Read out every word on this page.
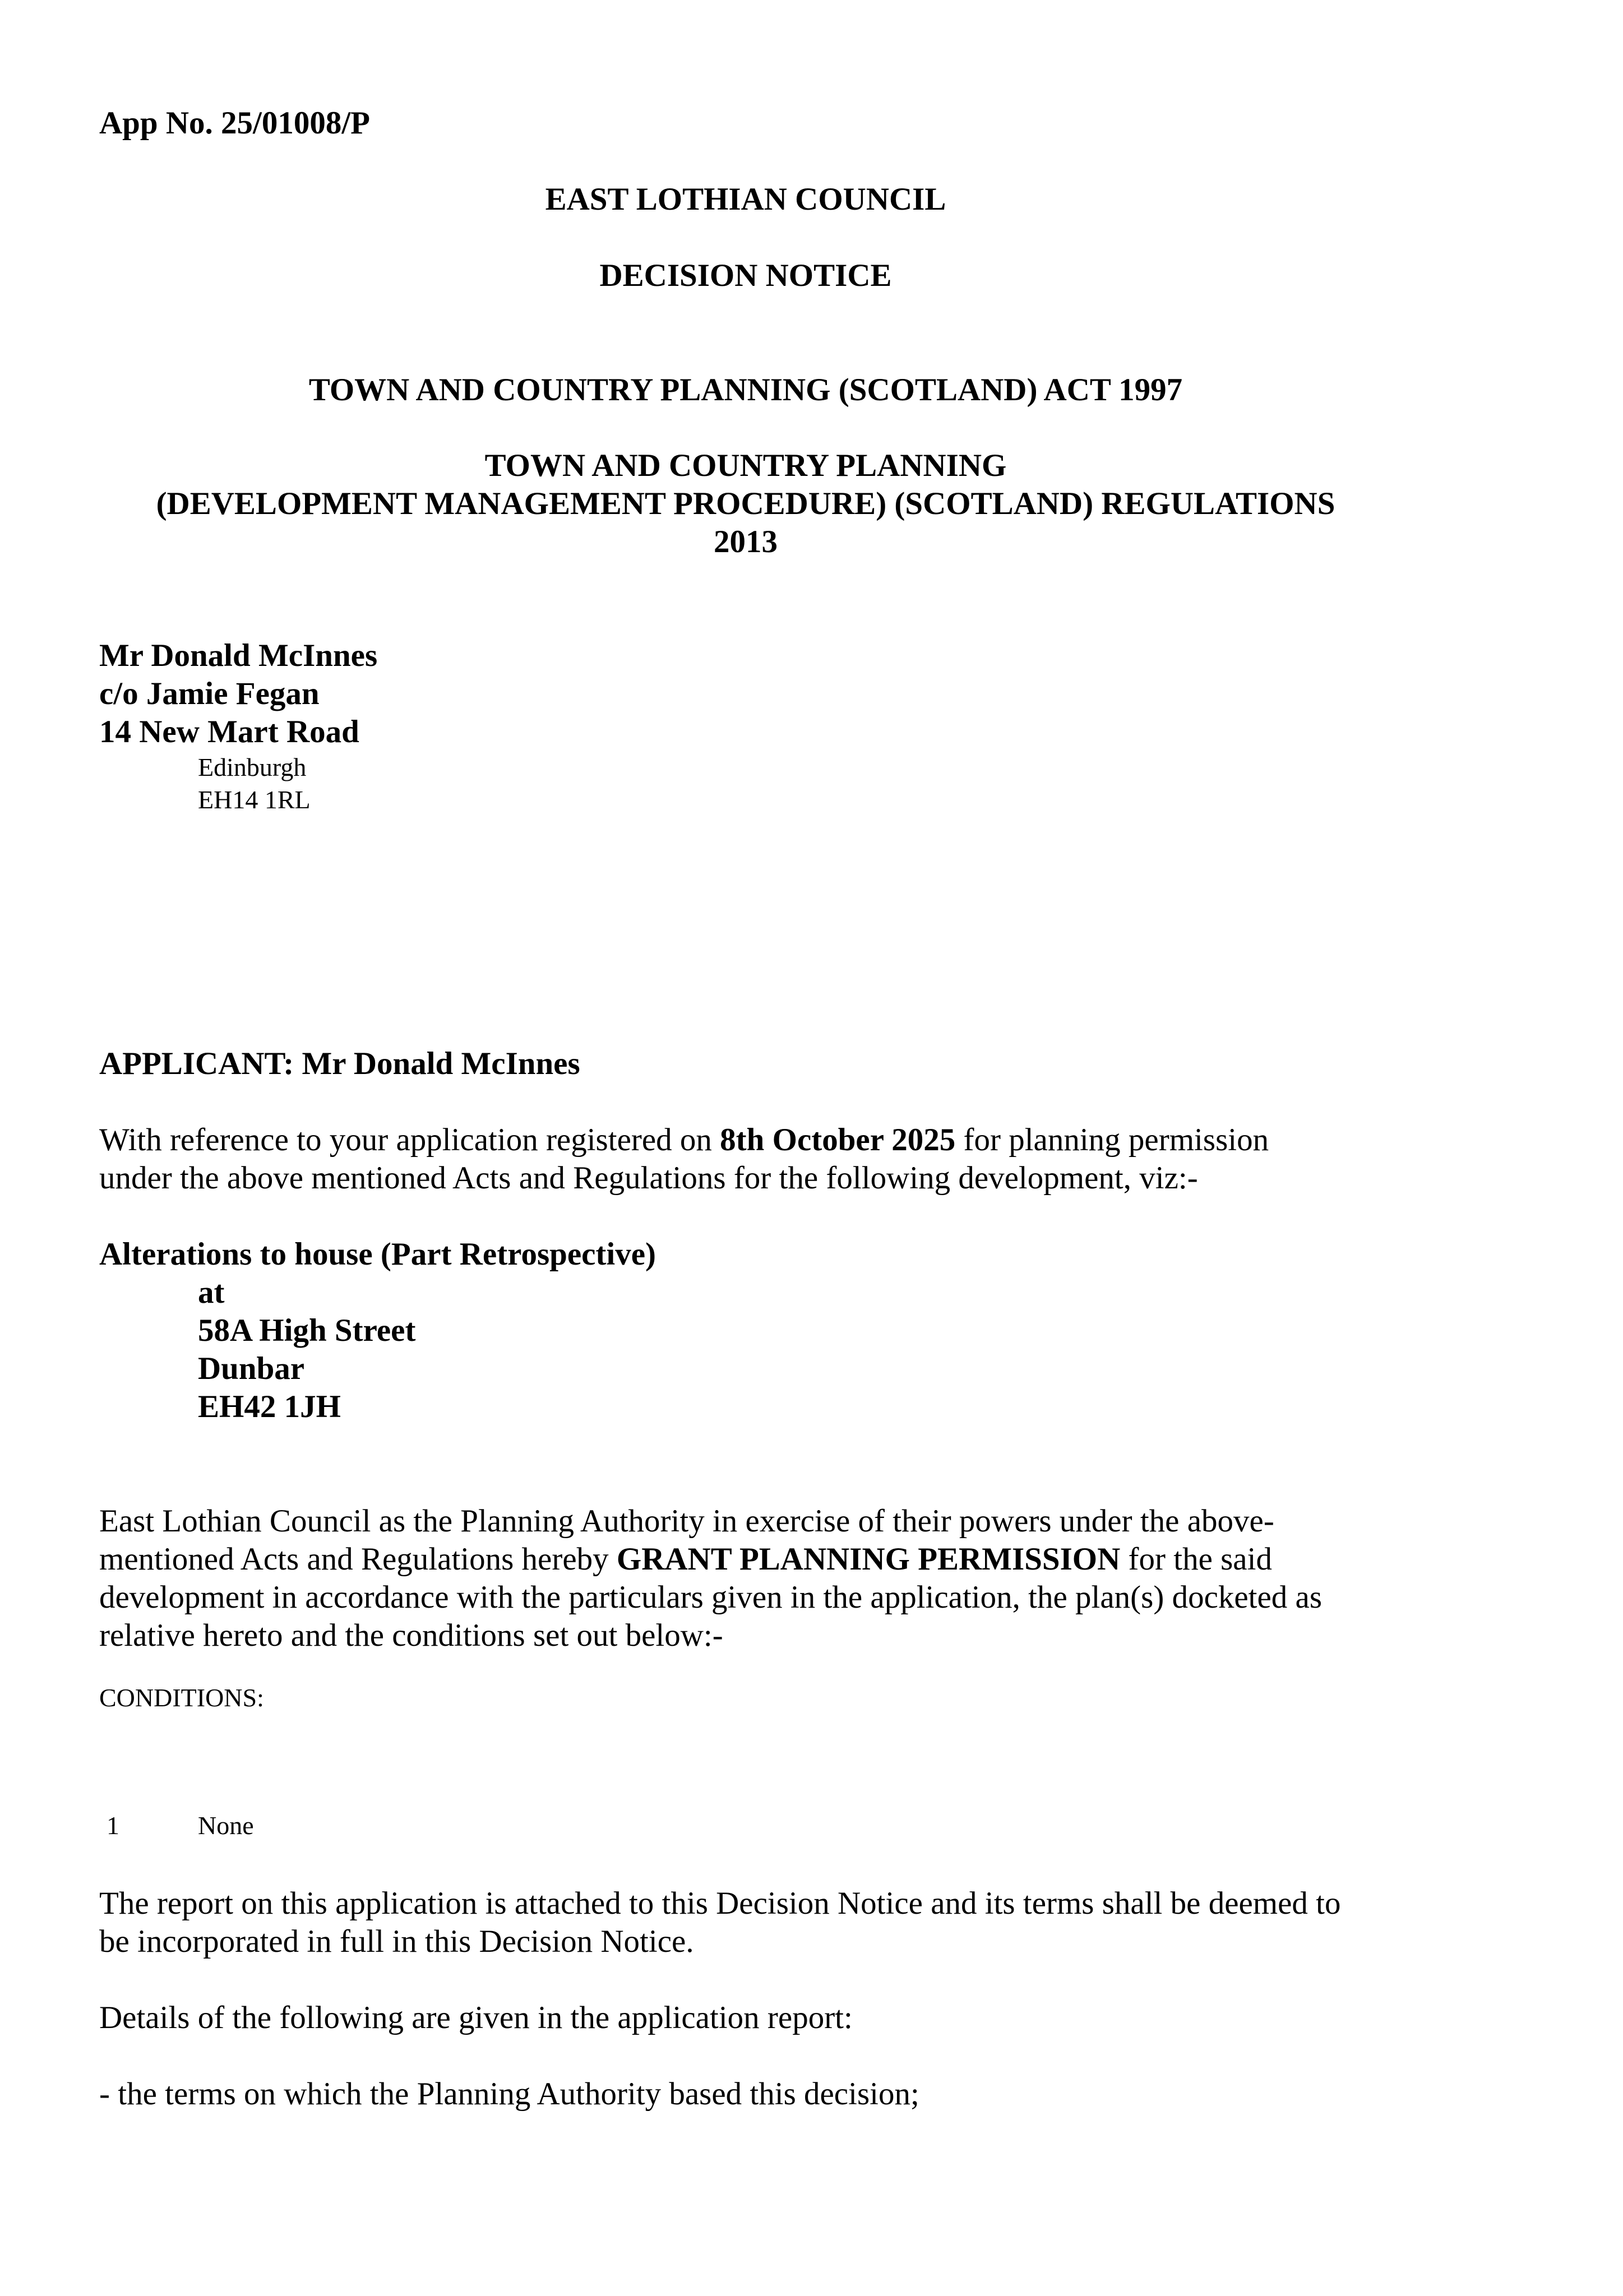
App No. 25/01008/P
EAST LOTHIAN COUNCIL
DECISION NOTICE
TOWN AND COUNTRY PLANNING (SCOTLAND) ACT 1997
TOWN AND COUNTRY PLANNING
(DEVELOPMENT MANAGEMENT PROCEDURE) (SCOTLAND) REGULATIONS
2013
Mr Donald McInnes
c/o Jamie Fegan
14 New Mart Road
Edinburgh
EH14 1RL
APPLICANT: Mr Donald McInnes

With reference to your application registered on 8th October 2025 for planning permission

under the above mentioned Acts and Regulations for the following development, viz:-

Alterations to house (Part Retrospective)
at
58A High Street
Dunbar
EH42 1JH

East Lothian Council as the Planning Authority in exercise of their powers under the above-

mentioned Acts and Regulations hereby GRANT PLANNING PERMISSION for the said

development in accordance with the particulars given in the application, the plan(s) docketed as

relative hereto and the conditions set out below:-

CONDITIONS:
1	None

The report on this application is attached to this Decision Notice and its terms shall be deemed to

be incorporated in full in this Decision Notice.

Details of the following are given in the application report:
- the terms on which the Planning Authority based this decision;
